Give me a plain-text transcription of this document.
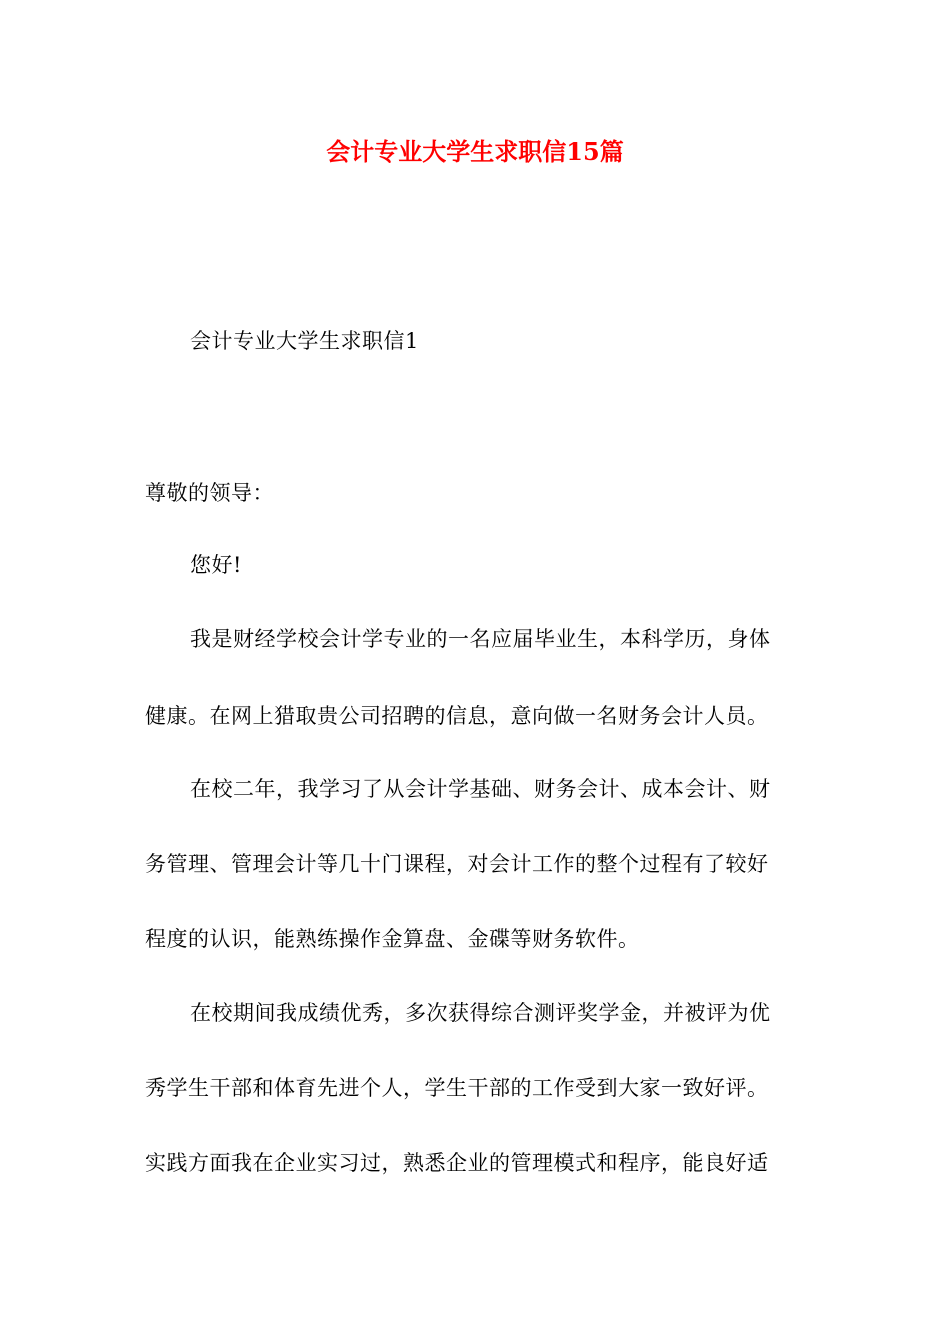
会计专业大学生求职信15篇
会计专业大学生求职信1
尊敬的领导：
您好!
我是财经学校会计学专业的一名应届毕业生，本科学历，身体
健康。在网上猎取贵公司招聘的信息，意向做一名财务会计人员。
在校二年，我学习了从会计学基础、财务会计、成本会计、财
务管理、管理会计等几十门课程，对会计工作的整个过程有了较好
程度的认识，能熟练操作金算盘、金碟等财务软件。
在校期间我成绩优秀，多次获得综合测评奖学金，并被评为优
秀学生干部和体育先进个人，学生干部的工作受到大家一致好评。
实践方面我在企业实习过，熟悉企业的管理模式和程序，能良好适
